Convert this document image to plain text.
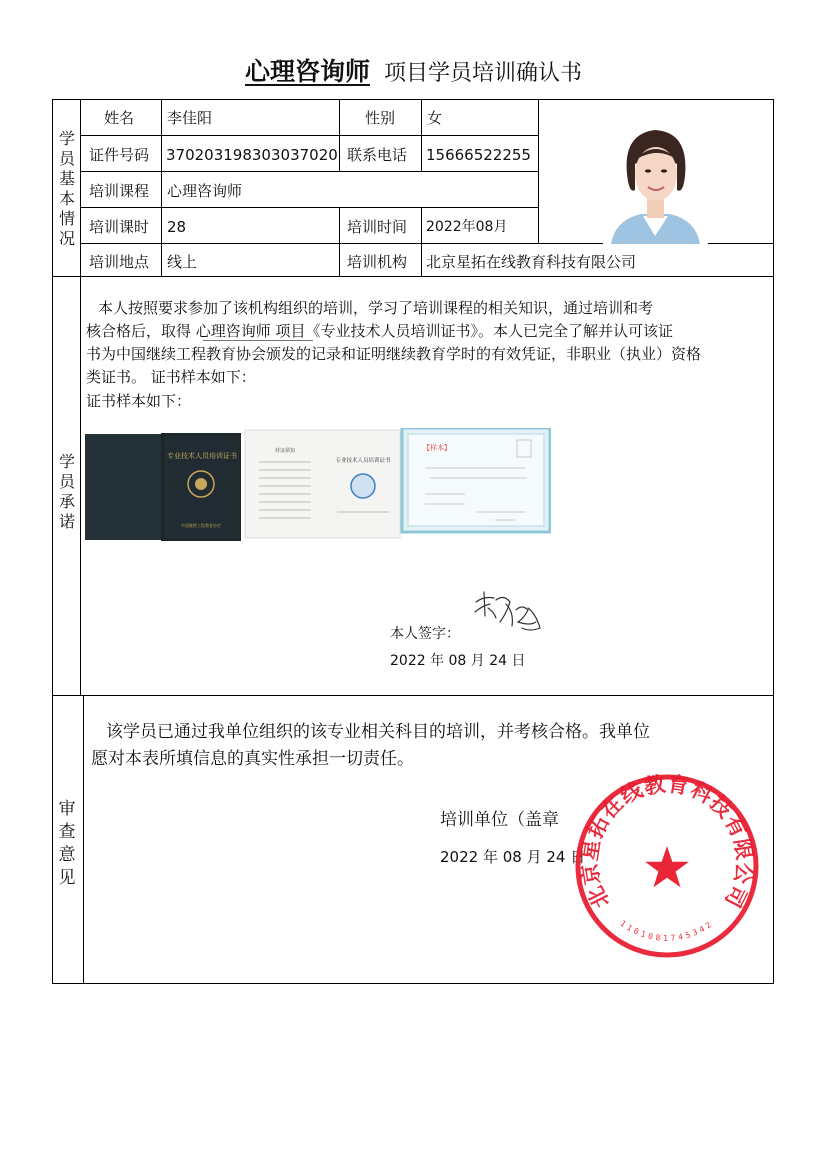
心理咨询师 项目学员培训确认书
学员基本情况
学员承诺
审查意见
姓名 李佳阳	性别 女
证件号码 370203198303037020 联系电话 15666522255
培训课程 心理咨询师
培训课时 28	培训时间 2022年08月
培训地点 线上	培训机构 北京星拓在线教育科技有限公司
本人按照要求参加了该机构组织的培训，学习了培训课程的相关知识，通过培训和考
核合格后，取得 心理咨询师 项目《专业技术人员培训证书》。本人已完全了解并认可该证
书为中国继续工程教育协会颁发的记录和证明继续教育学时的有效凭证，非职业（执业）资格
类证书。 证书样本如下：
证书样本如下：
专业技术人员培训证书
中国继续工程教育协会
持证须知
专业技术人员培训证书
【样本】
本人签字：
2022 年 08 月 24 日
该学员已通过我单位组织的该专业相关科目的培训，并考核合格。我单位
愿对本表所填信息的真实性承担一切责任。
培训单位（盖章
2022 年 08 月 24 日
北京星拓在线教育科技有限公司
1101081745342
